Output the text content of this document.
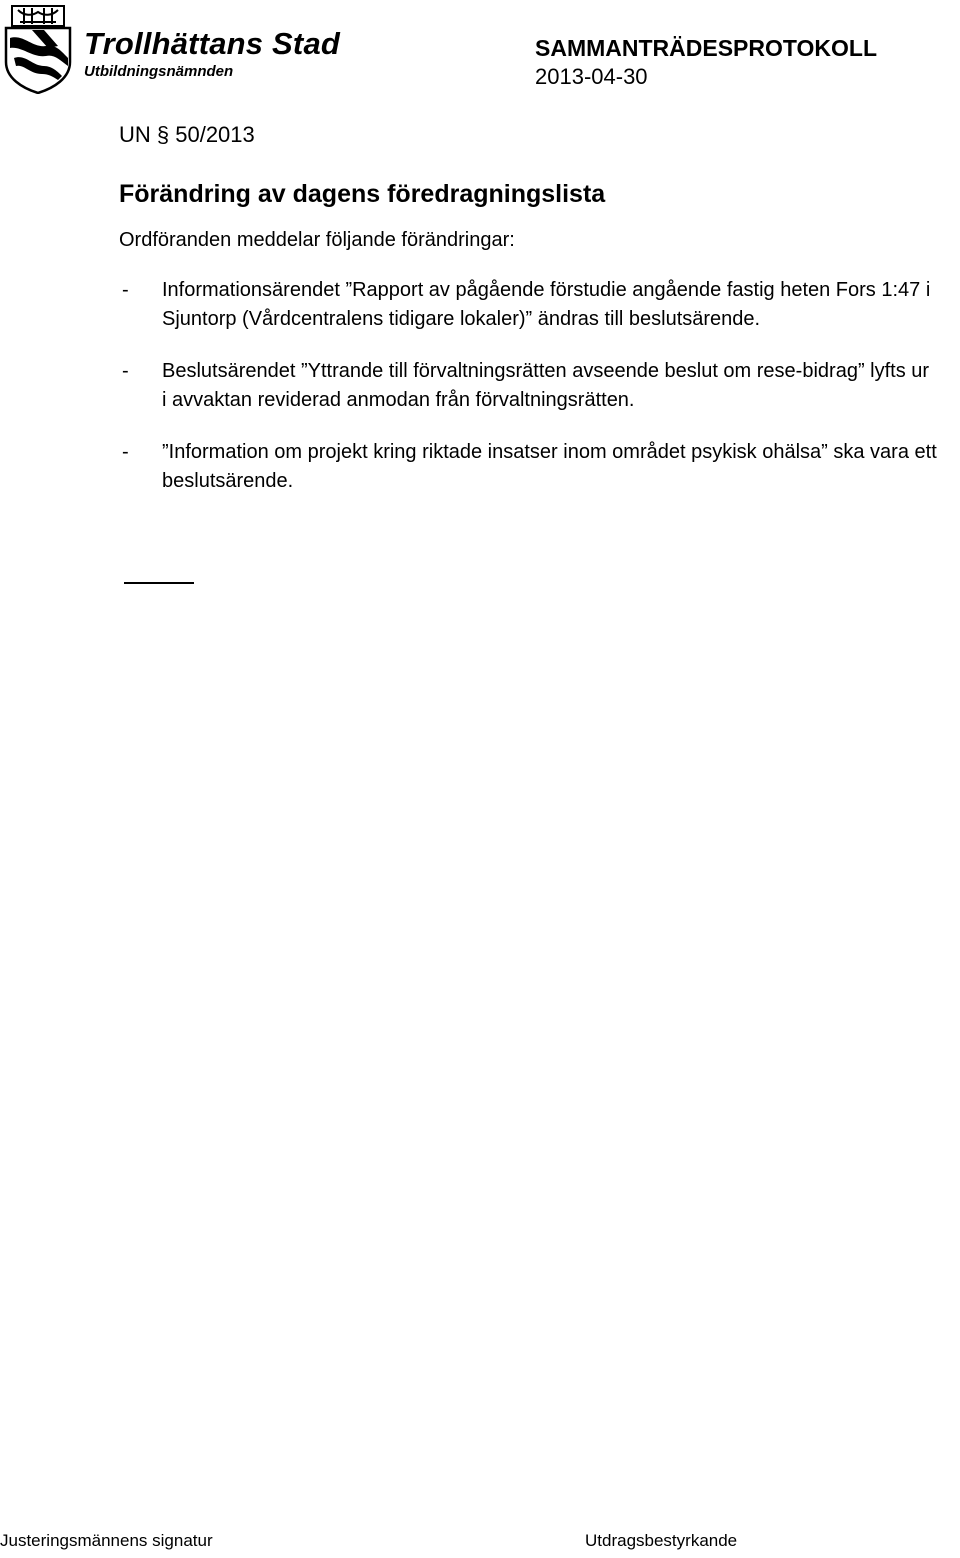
Trollhättans Stad
Utbildningsnämnden
SAMMANTRÄDESPROTOKOLL
2013-04-30

UN § 50/2013

Förändring av dagens föredragningslista

Ordföranden meddelar följande förändringar:

-	Informationsärendet ”Rapport av pågående förstudie angående fastig heten Fors 1:47 i Sjuntorp (Vårdcentralens tidigare lokaler)” ändras till beslutsärende.
-	Beslutsärendet ”Yttrande till förvaltningsrätten avseende beslut om rese-bidrag” lyfts ur i avvaktan reviderad anmodan från förvaltningsrätten.
-	”Information om projekt kring riktade insatser inom området psykisk ohälsa” ska vara ett beslutsärende.
Justeringsmännens signatur	Utdragsbestyrkande
